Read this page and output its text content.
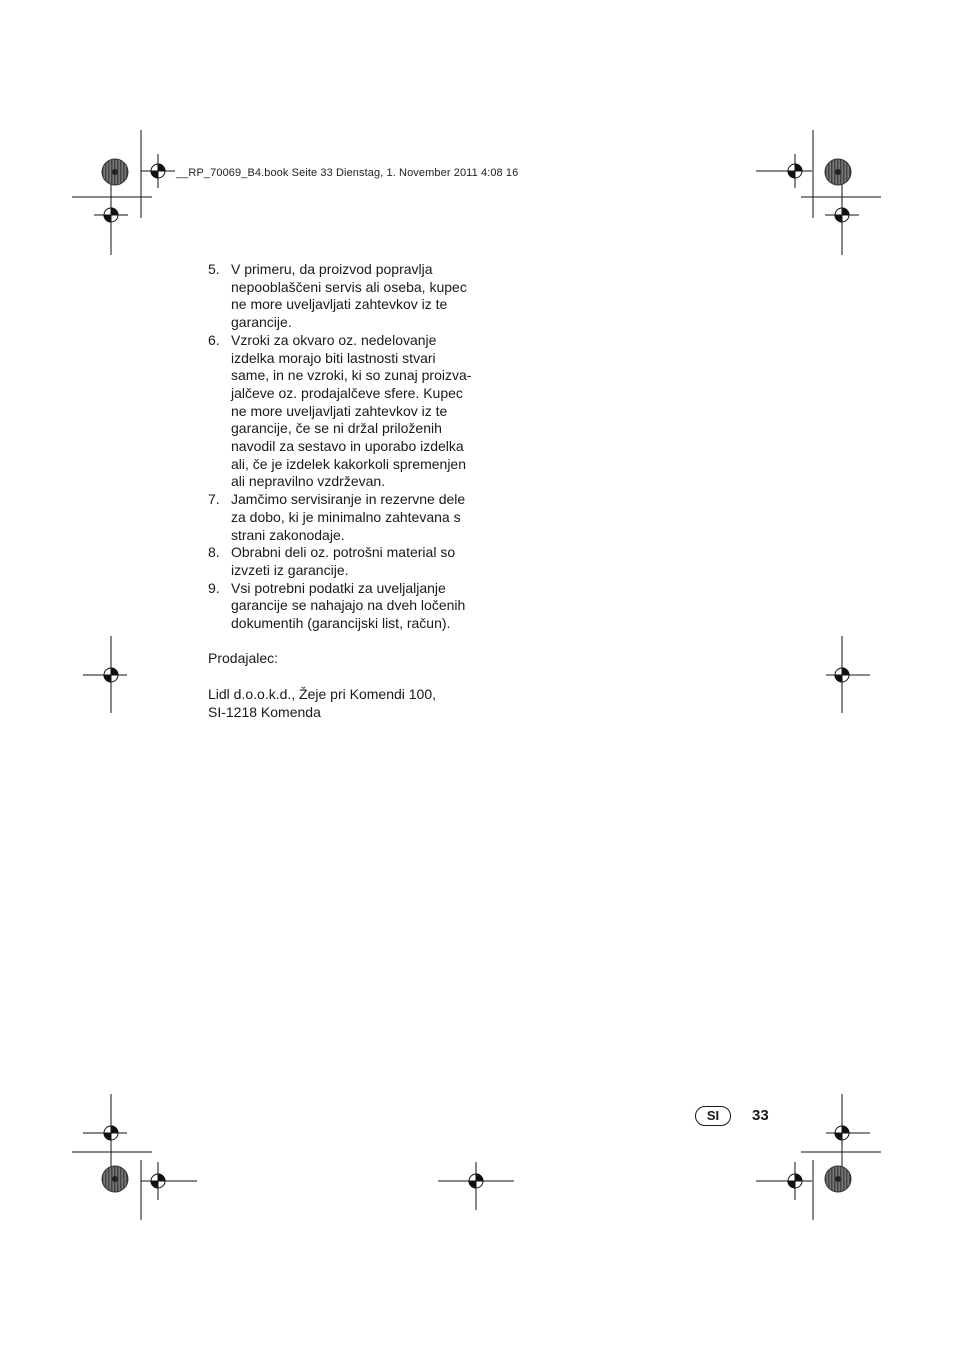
__RP_70069_B4.book Seite 33 Dienstag, 1. November 2011 4:08 16
5. V primeru, da proizvod popravlja
nepooblaščeni servis ali oseba, kupec
ne more uveljavljati zahtevkov iz te
garancije.
6. Vzroki za okvaro oz. nedelovanje
izdelka morajo biti lastnosti stvari
same, in ne vzroki, ki so zunaj proizva-
jalčeve oz. prodajalčeve sfere. Kupec
ne more uveljavljati zahtevkov iz te
garancije, če se ni držal priloženih
navodil za sestavo in uporabo izdelka
ali, če je izdelek kakorkoli spremenjen
ali nepravilno vzdrževan.
7. Jamčimo servisiranje in rezervne dele
za dobo, ki je minimalno zahtevana s
strani zakonodaje.
8. Obrabni deli oz. potrošni material so
izvzeti iz garancije.
9. Vsi potrebni podatki za uveljaljanje
garancije se nahajajo na dveh ločenih
dokumentih (garancijski list, račun).

Prodajalec:

Lidl d.o.o.k.d., Žeje pri Komendi 100,
SI-1218 Komenda

SI	33
